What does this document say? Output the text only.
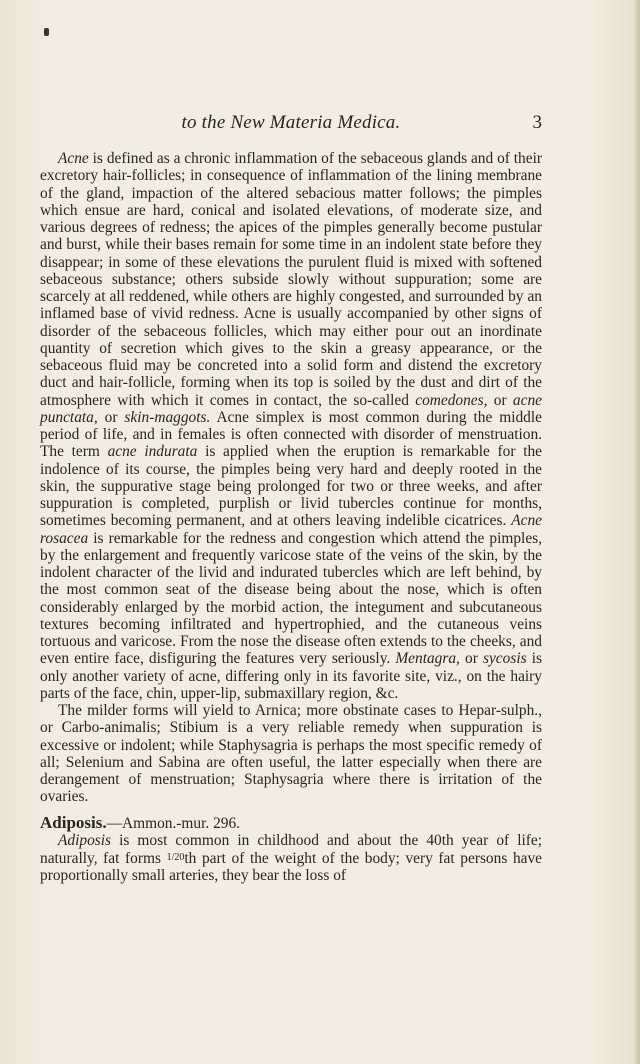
to the New Materia Medica.	3

Acne is defined as a chronic inflammation of the sebaceous glands and of their excretory hair-follicles; in consequence of inflammation of the lining membrane of the gland, impaction of the altered sebacious matter follows; the pimples which ensue are hard, conical and isolated elevations, of moderate size, and various degrees of redness; the apices of the pimples generally become pustular and burst, while their bases remain for some time in an indolent state before they disappear; in some of these elevations the purulent fluid is mixed with softened sebaceous substance; others subside slowly without suppuration; some are scarcely at all reddened, while others are highly congested, and surrounded by an inflamed base of vivid redness. Acne is usually accompanied by other signs of disorder of the sebaceous follicles, which may either pour out an inordinate quantity of secretion which gives to the skin a greasy appearance, or the sebaceous fluid may be concreted into a solid form and distend the excretory duct and hair-follicle, forming when its top is soiled by the dust and dirt of the atmosphere with which it comes in contact, the so-called comedones, or acne punctata, or skin-maggots. Acne simplex is most common during the middle period of life, and in females is often connected with disorder of menstruation. The term acne indurata is applied when the eruption is remarkable for the indolence of its course, the pimples being very hard and deeply rooted in the skin, the suppurative stage being prolonged for two or three weeks, and after suppuration is completed, purplish or livid tubercles continue for months, sometimes becoming permanent, and at others leaving indelible cicatrices. Acne rosacea is remarkable for the redness and congestion which attend the pimples, by the enlargement and frequently varicose state of the veins of the skin, by the indolent character of the livid and indurated tubercles which are left behind, by the most common seat of the disease being about the nose, which is often considerably enlarged by the morbid action, the integument and subcutaneous textures becoming infiltrated and hypertrophied, and the cutaneous veins tortuous and varicose. From the nose the disease often extends to the cheeks, and even entire face, disfiguring the features very seriously. Mentagra, or sycosis is only another variety of acne, differing only in its favorite site, viz., on the hairy parts of the face, chin, upper-lip, submaxillary region, &c.

The milder forms will yield to Arnica; more obstinate cases to Hepar-sulph., or Carbo-animalis; Stibium is a very reliable remedy when suppuration is excessive or indolent; while Staphysagria is perhaps the most specific remedy of all; Selenium and Sabina are often useful, the latter especially when there are derangement of menstruation; Staphysagria where there is irritation of the ovaries.

Adiposis.—Ammon.-mur. 296.

Adiposis is most common in childhood and about the 40th year of life; naturally, fat forms 1/20th part of the weight of the body; very fat persons have proportionally small arteries, they bear the loss of
